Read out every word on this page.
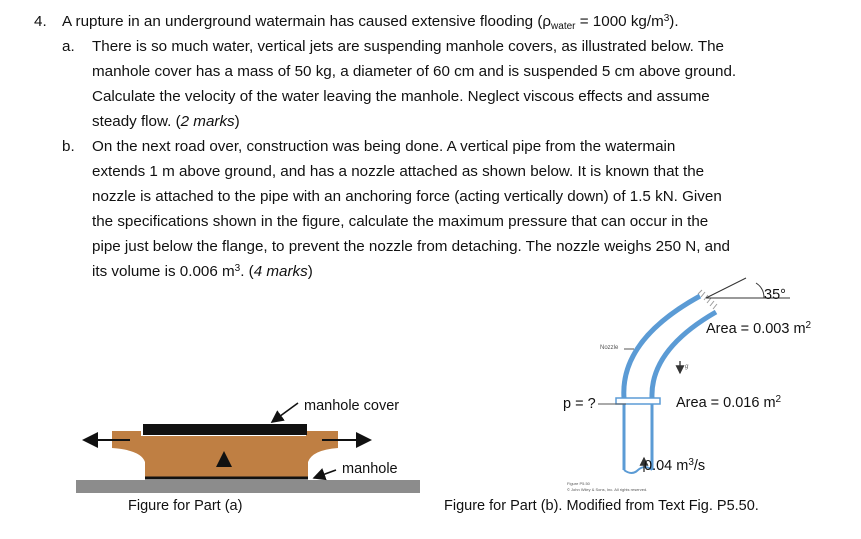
4. A rupture in an underground watermain has caused extensive flooding ($\rho_{water} = 1000$ $kg/m^3$).
a. There is so much water, vertical jets are suspending manhole covers, as illustrated below. The
manhole cover has a mass of 50 kg, a diameter of 60 cm and is suspended 5 cm above ground.
Calculate the velocity of the water leaving the manhole. Neglect viscous effects and assume
steady flow. (2 marks)
b. On the next road over, construction was being done. A vertical pipe from the watermain
extends 1 m above ground, and has a nozzle attached as shown below. It is known that the
nozzle is attached to the pipe with an anchoring force (acting vertically down) of 1.5 kN. Given
the specifications shown in the figure, calculate the maximum pressure that can occur in the
pipe just below the flange, to prevent the nozzle from detaching. The nozzle weighs 250 N, and
its volume is 0.006 $m^3$. (4 marks)
manhole cover
manhole
Figure for Part (a)
35°
Area = 0.003 $m^2$
Nozzle
g
p = ?	Area = 0.016 $m^2$
0.04 $m^3/s$
Figure P5.50
© John Wiley & Sons, Inc. All rights reserved.
Figure for Part (b). Modified from Text Fig. P5.50.
